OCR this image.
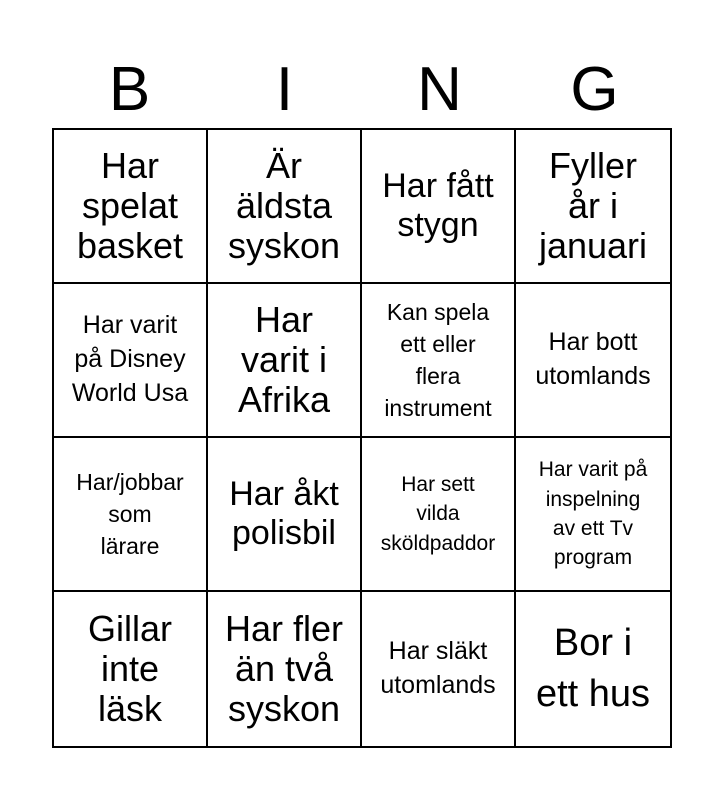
B	I	N	G
Har
spelat
basket
Är
äldsta
syskon
Har fått
stygn
Fyller
år i
januari
Har varit
på Disney
World Usa
Har
varit i
Afrika
Kan spela
ett eller
flera
instrument
Har bott
utomlands
Har/jobbar
som
lärare
Har åkt
polisbil
Har sett
vilda
sköldpaddor
Har varit på
inspelning
av ett Tv
program
Gillar
inte
läsk
Har fler
än två
syskon
Har släkt
utomlands
Bor i
ett hus
